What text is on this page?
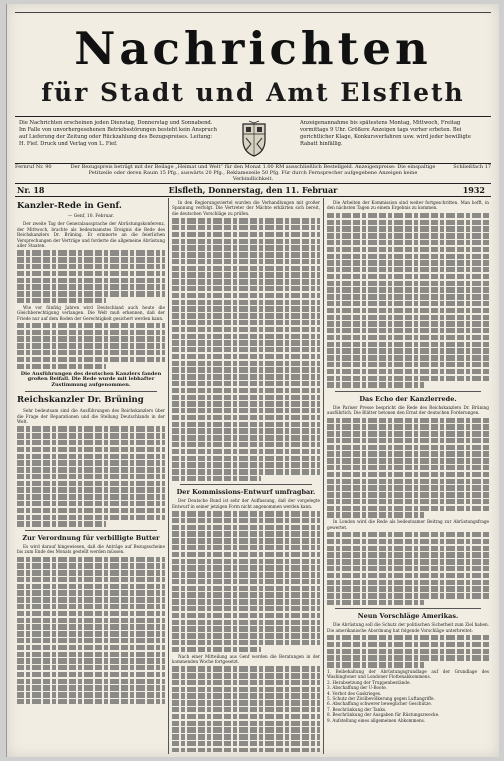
Nachrichten
für Stadt und Amt Elsfleth
Die Nachrichten erscheinen jeden Dienstag, Donnerstag und Sonnabend. Im Falle von unvorhergesehenen Betriebsstörungen besteht kein Anspruch auf Lieferung der Zeitung oder Rückzahlung des Bezugspreises. Leitung: H. Fief. Druck und Verlag von L. Fief.
Anzeigenannahme bis spätestens Montag, Mittwoch, Freitag vormittags 9 Uhr. Größere Anzeigen tags vorher erbeten. Bei gerichtlicher Klage, Konkursverfahren usw. wird jeder bewilligte Rabatt hinfällig.
Fernruf Nr. 90	Der Bezugspreis beträgt mit der Beilage „Heimat und Welt“ für den Monat 1.00 RM ausschließlich Bestellgeld. Anzeigenpreise: Die einspaltige Petitzeile oder deren Raum 15 Pfg., auswärts 20 Pfg., Reklamezeile 50 Pfg. Für durch Fernsprecher aufgegebene Anzeigen keine Verbindlichkeit.
Schließfach 17
Nr. 18	Elsfleth, Donnerstag, den 11. Februar	1932
Kanzler-Rede in Genf.
— Genf, 10. Februar.

Der zweite Tag der Generalaussprache der Abrüstungskonferenz, der Mittwoch, brachte als bedeutsamstes Ereignis die Rede des Reichskanzlers Dr. Brüning. Er erinnerte an die feierlichen Versprechungen der Verträge und forderte die allgemeine Abrüstung aller Staaten.

Wie vor fünfzig Jahren wird Deutschland auch heute die Gleichberechtigung verlangen. Die Welt muß erkennen, daß der Friede nur auf dem Boden der Gerechtigkeit gesichert werden kann.

Die Ausführungen des deutschen Kanzlers fanden großen Beifall. Die Rede wurde mit lebhafter Zustimmung aufgenommen.
Reichskanzler Dr. Brüning

Sehr bedeutsam sind die Ausführungen des Reichskanzlers über die Frage der Reparationen und die Stellung Deutschlands in der Welt.

Zur Verordnung für verbilligte Butter

Es wird darauf hingewiesen, daß die Anträge auf Bezugsscheine bis zum Ende des Monats gestellt werden müssen.

In den Regierungsviertel wurden die Verhandlungen mit großer Spannung verfolgt. Die Vertreter der Mächte erklärten sich bereit, die deutschen Vorschläge zu prüfen.

Der Kommissions-Entwurf umfragbar.

Der Deutsche Bund ist sehr der Auffassung, daß der vorgelegte Entwurf in seiner jetzigen Form nicht angenommen werden kann.

Nach einer Mitteilung aus Genf werden die Beratungen in der kommenden Woche fortgesetzt.

Die Arbeiten der Kommission sind weiter fortgeschritten. Man hofft, in den nächsten Tagen zu einem Ergebnis zu kommen.

Das Echo der Kanzlerrede.

Die Pariser Presse bespricht die Rede des Reichskanzlers Dr. Brüning ausführlich. Die Blätter betonen den Ernst der deutschen Forderungen.

In London wird die Rede als bedeutsamer Beitrag zur Abrüstungsfrage gewertet.

Neun Vorschläge Amerikas.

Die Abrüstung soll die Schutz der politischen Sicherheit zum Ziel haben. Die amerikanische Abordnung hat folgende Vorschläge unterbreitet:

1. Beibehaltung der Abrüstungsgrundlage auf der Grundlage des Washingtoner und Londoner Flottenabkommens.
2. Herabsetzung der Truppenbestände.
3. Abschaffung der U-Boote.
4. Verbot des Gaskrieges.
5. Schutz der Zivilbevölkerung gegen Luftangriffe.
6. Abschaffung schwerer beweglicher Geschütze.
7. Beschränkung der Tanks.
8. Beschränkung der Ausgaben für Rüstungszwecke.
9. Aufstellung eines allgemeinen Abkommens.
